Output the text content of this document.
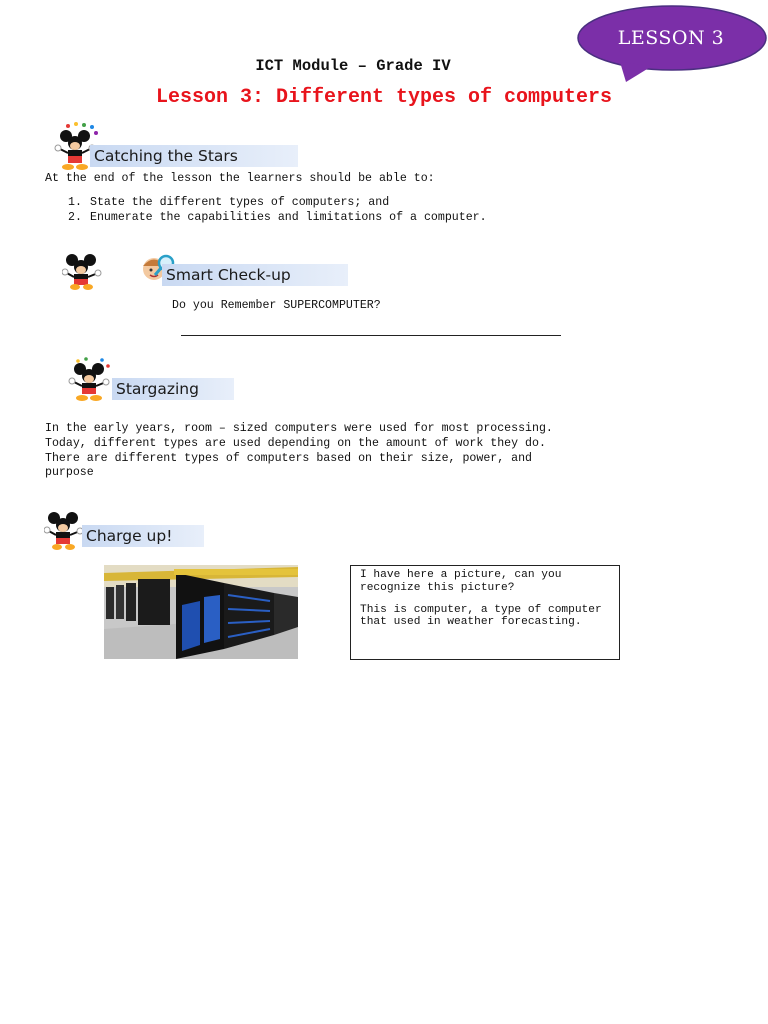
LESSON 3
ICT Module – Grade IV
Lesson 3: Different types of computers
Catching the Stars
At the end of the lesson the learners should be able to:
1. State the different types of computers; and
2. Enumerate the capabilities and limitations of a computer.
Smart Check-up
Do you Remember SUPERCOMPUTER?
Stargazing
In the early years, room – sized computers were used for most processing.
Today, different types are used depending on the amount of work they do.
There are different types of computers based on their size, power, and
purpose
Charge up!

I have here a picture, can you recognize this picture?

This is computer, a type of computer that used in weather forecasting.
